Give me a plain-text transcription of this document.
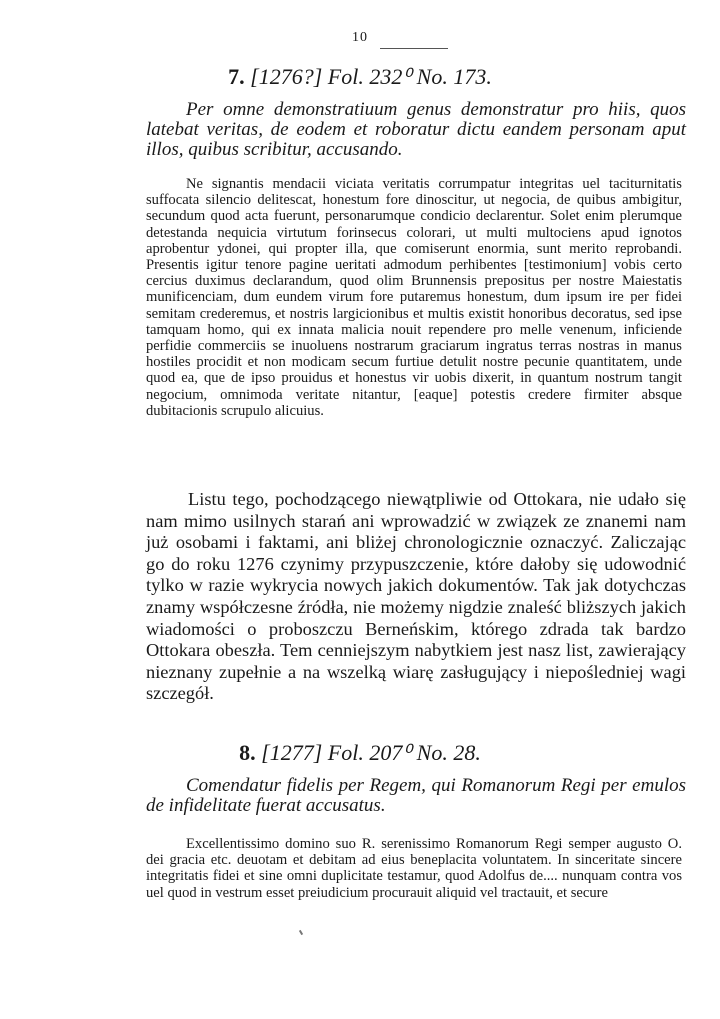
10
7. [1276?] Fol. 232⁰ No. 173.
Per omne demonstratiuum genus demonstratur pro hiis, quos latebat veritas, de eodem et roboratur dictu eandem personam aput illos, quibus scribitur, accusando.
Ne signantis mendacii viciata veritatis corrumpatur integritas uel taciturnitatis suffocata silencio delitescat, honestum fore dinoscitur, ut negocia, de quibus ambigitur, secundum quod acta fuerunt, personarumque condicio declarentur. Solet enim plerumque detestanda nequicia virtutum forinsecus colorari, ut multi multociens apud ignotos aprobentur ydonei, qui propter illa, que comiserunt enormia, sunt merito reprobandi. Presentis igitur tenore pagine ueritati admodum perhibentes [testimonium] vobis certo cercius duximus declarandum, quod olim Brunnensis prepositus per nostre Maiestatis munificenciam, dum eundem virum fore putaremus honestum, dum ipsum ire per fidei semitam crederemus, et nostris largicionibus et multis existit honoribus decoratus, sed ipse tamquam homo, qui ex innata malicia nouit rependere pro melle venenum, inficiende perfidie commerciis se inuoluens nostrarum graciarum ingratus terras nostras in manus hostiles procidit et non modicam secum furtiue detulit nostre pecunie quantitatem, unde quod ea, que de ipso prouidus et honestus vir uobis dixerit, in quantum nostrum tangit negocium, omnimoda veritate nitantur, [eaque] potestis credere firmiter absque dubitacionis scrupulo alicuius.
Listu tego, pochodzącego niewątpliwie od Ottokara, nie udało się nam mimo usilnych starań ani wprowadzić w związek ze znanemi nam już osobami i faktami, ani bliżej chronologicznie oznaczyć. Zaliczając go do roku 1276 czynimy przypuszczenie, które dałoby się udowodnić tylko w razie wykrycia nowych jakich dokumentów. Tak jak dotychczas znamy współczesne źródła, nie możemy nigdzie znaleść bliższych jakich wiadomości o proboszczu Berneńskim, którego zdrada tak bardzo Ottokara obeszła. Tem cenniejszym nabytkiem jest nasz list, zawierający nieznany zupełnie a na wszelką wiarę zasługujący i niepośledniej wagi szczegół.
8. [1277] Fol. 207⁰ No. 28.
Comendatur fidelis per Regem, qui Romanorum Regi per emulos de infidelitate fuerat accusatus.
Excellentissimo domino suo R. serenissimo Romanorum Regi semper augusto O. dei gracia etc. deuotam et debitam ad eius beneplacita voluntatem. In sinceritate sincere integritatis fidei et sine omni duplicitate testamur, quod Adolfus de.... nunquam contra vos uel quod in vestrum esset preiudicium procurauit aliquid vel tractauit, et secure
